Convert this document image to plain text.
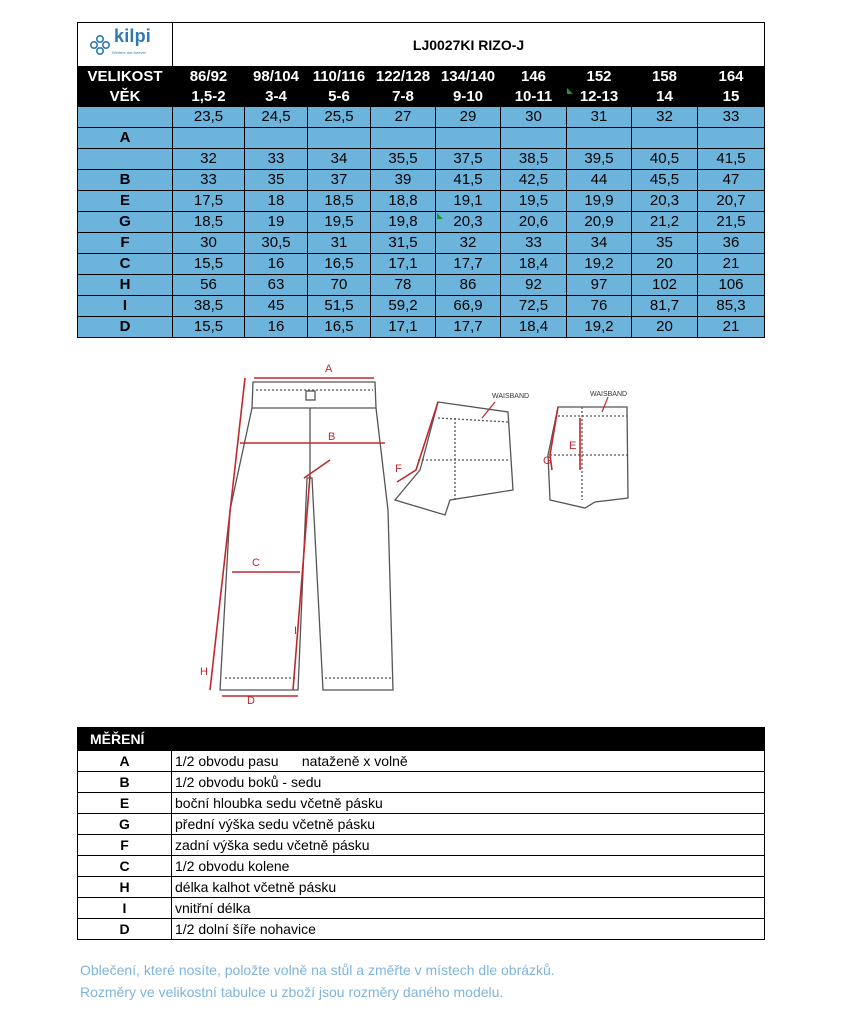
kilpi
Winters are forever	LJ0027KI RIZO-J								
VELIKOST	86/92	98/104	110/116	122/128	134/140	146	152	158	164
VĚK	1,5-2	3-4	5-6	7-8	9-10	10-11	12-13	14	15
	23,5	24,5	25,5	27	29	30	31	32	33
A									
	32	33	34	35,5	37,5	38,5	39,5	40,5	41,5
B	33	35	37	39	41,5	42,5	44	45,5	47
E	17,5	18	18,5	18,8	19,1	19,5	19,9	20,3	20,7
G	18,5	19	19,5	19,8	20,3	20,6	20,9	21,2	21,5
F	30	30,5	31	31,5	32	33	34	35	36
C	15,5	16	16,5	17,1	17,7	18,4	19,2	20	21
H	56	63	70	78	86	92	97	102	106
I	38,5	45	51,5	59,2	66,9	72,5	76	81,7	85,3
D	15,5	16	16,5	17,1	17,7	18,4	19,2	20	21
A
B
C
I
H
D
F
WAISBAND
G
E
WAISBAND
MĚŘENÍ	
A	1/2 obvodu pasu      nataženě x volně
B	1/2 obvodu boků - sedu
E	boční hloubka sedu včetně pásku
G	přední výška sedu včetně pásku
F	zadní výška sedu včetně pásku
C	1/2 obvodu kolene
H	délka kalhot včetně pásku
I	vnitřní délka
D	1/2 dolní šíře nohavice
Oblečení, které nosíte, položte volně na stůl a změřte v místech dle obrázků.
Rozměry ve velikostní tabulce u zboží jsou rozměry daného modelu.
